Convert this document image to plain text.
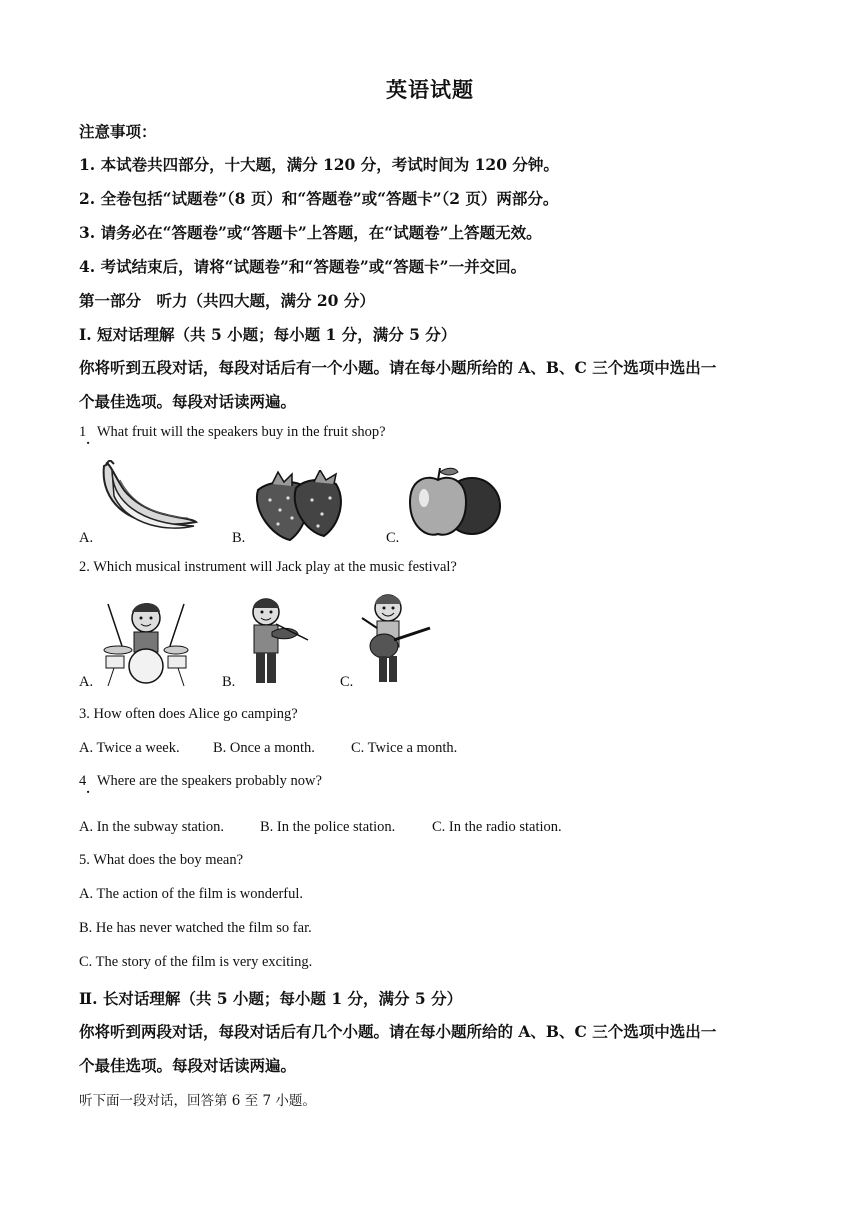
英语试题
注意事项：
1. 本试卷共四部分，十大题，满分 120 分，考试时间为 120 分钟。
2. 全卷包括“试题卷”（8 页）和“答题卷”或“答题卡”（2 页）两部分。
3. 请务必在“答题卷”或“答题卡”上答题，在“试题卷”上答题无效。
4. 考试结束后，请将“试题卷”和“答题卷”或“答题卡”一并交回。
第一部分　听力（共四大题，满分 20 分）
Ⅰ. 短对话理解（共 5 小题；每小题 1 分，满分 5 分）
你将听到五段对话，每段对话后有一个小题。请在每小题所给的 A、B、C 三个选项中选出一
个最佳选项。每段对话读两遍。
1 What fruit will the speakers buy in the fruit shop?
·
A.	B.	C.
2. Which musical instrument will Jack play at the music festival?
A.	B.	C.
3. How often does Alice go camping?
A. Twice a week. B. Once a month. C. Twice a month.
4 Where are the speakers probably now?
·
A. In the subway station. B. In the police station.	C. In the radio station.
5. What does the boy mean?
A. The action of the film is wonderful.
B. He has never watched the film so far.
C. The story of the film is very exciting.
Ⅱ. 长对话理解（共 5 小题；每小题 1 分，满分 5 分）
你将听到两段对话，每段对话后有几个小题。请在每小题所给的 A、B、C 三个选项中选出一
个最佳选项。每段对话读两遍。
听下面一段对话，回答第 6 至 7 小题。
